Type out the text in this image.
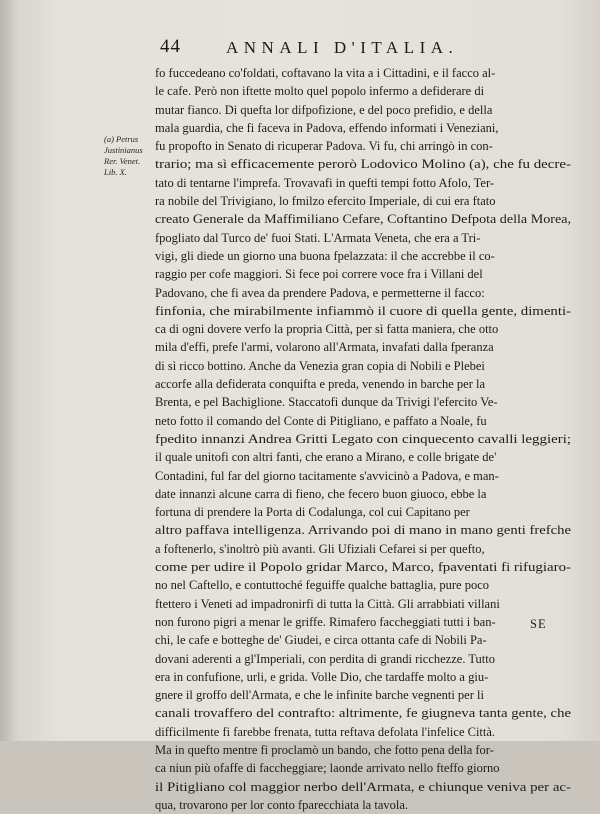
44	ANNALI D'ITALIA.
(a) Petrus
Justinianus
Rer. Venet.
Lib. X.
fo fuccedeano co'foldati, coftavano la vita a i Cittadini, e il facco al-
le cafe. Però non iftette molto quel popolo infermo a defiderare di
mutar fianco. Di quefta lor difpofizione, e del poco prefidio, e della
mala guardia, che fi faceva in Padova, effendo informati i Veneziani,
fu propofto in Senato di ricuperar Padova. Vi fu, chi arringò in con-
trario; ma sì efficacemente perorò Lodovico Molino (a), che fu decre-
tato di tentarne l'imprefa. Trovavafi in quefti tempi fotto Afolo, Ter-
ra nobile del Trivigiano, lo fmilzo efercito Imperiale, di cui era ftato
creato Generale da Maffimiliano Cefare, Coftantino Defpota della Morea,
fpogliato dal Turco de' fuoi Stati. L'Armata Veneta, che era a Tri-
vigi, gli diede un giorno una buona fpelazzata: il che accrebbe il co-
raggio per cofe maggiori. Si fece poi correre voce fra i Villani del
Padovano, che fi avea da prendere Padova, e permetterne il facco:
finfonia, che mirabilmente infiammò il cuore di quella gente, dimenti-
ca di ogni dovere verfo la propria Città, per sì fatta maniera, che otto
mila d'effi, prefe l'armi, volarono all'Armata, invafati dalla fperanza
di sì ricco bottino. Anche da Venezia gran copia di Nobili e Plebei
accorfe alla defiderata conquifta e preda, venendo in barche per la
Brenta, e pel Bachiglione. Staccatofi dunque da Trivigi l'efercito Ve-
neto fotto il comando del Conte di Pitigliano, e paffato a Noale, fu
fpedito innanzi Andrea Gritti Legato con cinquecento cavalli leggieri;
il quale unitofi con altri fanti, che erano a Mirano, e colle brigate de'
Contadini, ful far del giorno tacitamente s'avvicinò a Padova, e man-
date innanzi alcune carra di fieno, che fecero buon giuoco, ebbe la
fortuna di prendere la Porta di Codalunga, col cui Capitano per
altro paffava intelligenza. Arrivando poi di mano in mano genti frefche
a foftenerlo, s'inoltrò più avanti. Gli Ufiziali Cefarei si per quefto,
come per udire il Popolo gridar Marco, Marco, fpaventati fi rifugiaro-
no nel Caftello, e contuttoché feguiffe qualche battaglia, pure poco
ftettero i Veneti ad impadronirfi di tutta la Città. Gli arrabbiati villani
non furono pigri a menar le griffe. Rimafero faccheggiati tutti i ban-
chi, le cafe e botteghe de' Giudei, e circa ottanta cafe di Nobili Pa-
dovani aderenti a gl'Imperiali, con perdita di grandi ricchezze. Tutto
era in confufione, urli, e grida. Volle Dio, che tardaffe molto a giu-
gnere il groffo dell'Armata, e che le infinite barche vegnenti per li
canali trovaffero del contrafto: altrimente, fe giugneva tanta gente, che
difficilmente fi farebbe frenata, tutta reftava defolata l'infelice Città.
Ma in quefto mentre fi proclamò un bando, che fotto pena della for-
ca niun più ofaffe di faccheggiare; laonde arrivato nello fteffo giorno
il Pitigliano col maggior nerbo dell'Armata, e chiunque veniva per ac-
qua, trovarono per lor conto fparecchiata la tavola.
SE
